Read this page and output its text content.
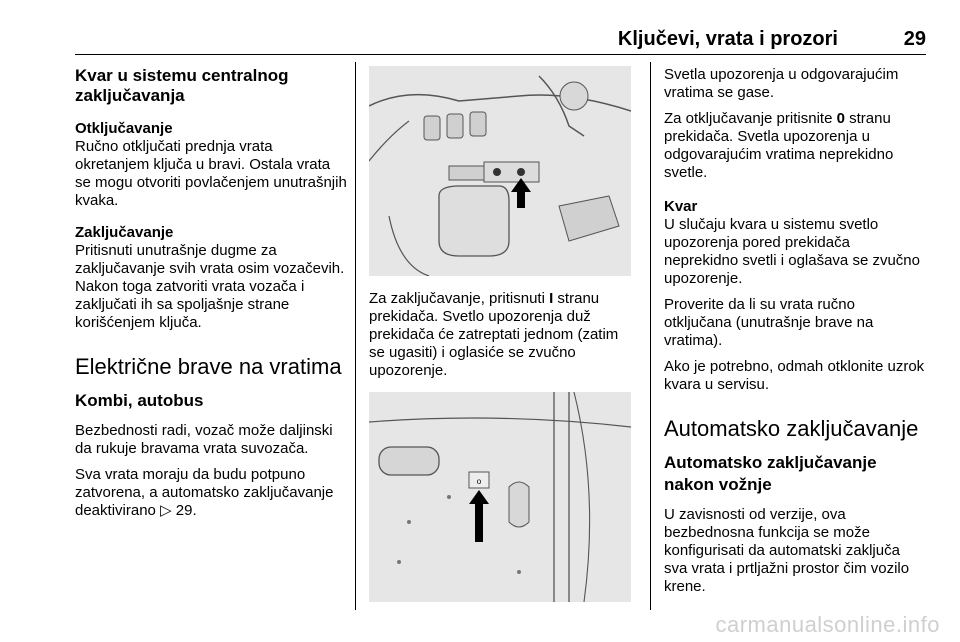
Ključevi, vrata i prozori	29
Kvar u sistemu centralnog zaključavanja
Otključavanje
Ručno otključati prednja vrata okretanjem ključa u bravi. Ostala vrata se mogu otvoriti povlačenjem unutrašnjih kvaka.
Zaključavanje
Pritisnuti unutrašnje dugme za zaključavanje svih vrata osim vozačevih. Nakon toga zatvoriti vrata vozača i zaključati ih sa spoljašnje strane korišćenjem ključa.
Električne brave na vratima
Kombi, autobus

Bezbednosti radi, vozač može daljinski da rukuje bravama vrata suvozača.

Sva vrata moraju da budu potpuno zatvorena, a automatsko zaključavanje deaktivirano ▷ 29.

Za zaključavanje, pritisnuti I stranu prekidača. Svetlo upozorenja duž prekidača će zatreptati jednom (zatim se ugasiti) i oglasiće se zvučno upozorenje.

o

Svetla upozorenja u odgovarajućim vratima se gase.

Za otključavanje pritisnite 0 stranu prekidača. Svetla upozorenja u odgovarajućim vratima neprekidno svetle.

Kvar
U slučaju kvara u sistemu svetlo upozorenja pored prekidača neprekidno svetli i oglašava se zvučno upozorenje.

Proverite da li su vrata ručno otključana (unutrašnje brave na vratima).

Ako je potrebno, odmah otklonite uzrok kvara u servisu.

Automatsko zaključavanje
Automatsko zaključavanje nakon vožnje

U zavisnosti od verzije, ova bezbednosna funkcija se može konfigurisati da automatski zaključa sva vrata i prtljažni prostor čim vozilo krene.

carmanualsonline.info
